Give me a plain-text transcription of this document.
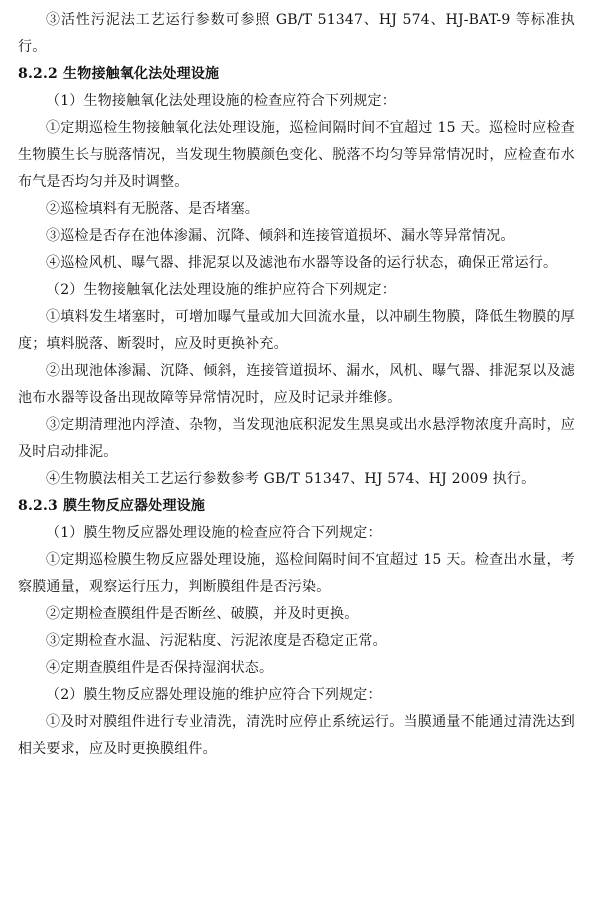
③活性污泥法工艺运行参数可参照 GB/T 51347、HJ 574、HJ-BAT-9 等标准执行。

8.2.2 生物接触氧化法处理设施

（1）生物接触氧化法处理设施的检查应符合下列规定：

①定期巡检生物接触氧化法处理设施，巡检间隔时间不宜超过 15 天。巡检时应检查生物膜生长与脱落情况，当发现生物膜颜色变化、脱落不均匀等异常情况时，应检查布水布气是否均匀并及时调整。

②巡检填料有无脱落、是否堵塞。

③巡检是否存在池体渗漏、沉降、倾斜和连接管道损坏、漏水等异常情况。

④巡检风机、曝气器、排泥泵以及滤池布水器等设备的运行状态，确保正常运行。

（2）生物接触氧化法处理设施的维护应符合下列规定：

①填料发生堵塞时，可增加曝气量或加大回流水量，以冲刷生物膜，降低生物膜的厚度；填料脱落、断裂时，应及时更换补充。

②出现池体渗漏、沉降、倾斜，连接管道损坏、漏水，风机、曝气器、排泥泵以及滤池布水器等设备出现故障等异常情况时，应及时记录并维修。

③定期清理池内浮渣、杂物，当发现池底积泥发生黑臭或出水悬浮物浓度升高时，应及时启动排泥。

④生物膜法相关工艺运行参数参考 GB/T 51347、HJ 574、HJ 2009 执行。

8.2.3 膜生物反应器处理设施

（1）膜生物反应器处理设施的检查应符合下列规定：

①定期巡检膜生物反应器处理设施，巡检间隔时间不宜超过 15 天。检查出水量，考察膜通量，观察运行压力，判断膜组件是否污染。

②定期检查膜组件是否断丝、破膜，并及时更换。

③定期检查水温、污泥粘度、污泥浓度是否稳定正常。

④定期查膜组件是否保持湿润状态。

（2）膜生物反应器处理设施的维护应符合下列规定：

①及时对膜组件进行专业清洗，清洗时应停止系统运行。当膜通量不能通过清洗达到相关要求，应及时更换膜组件。
